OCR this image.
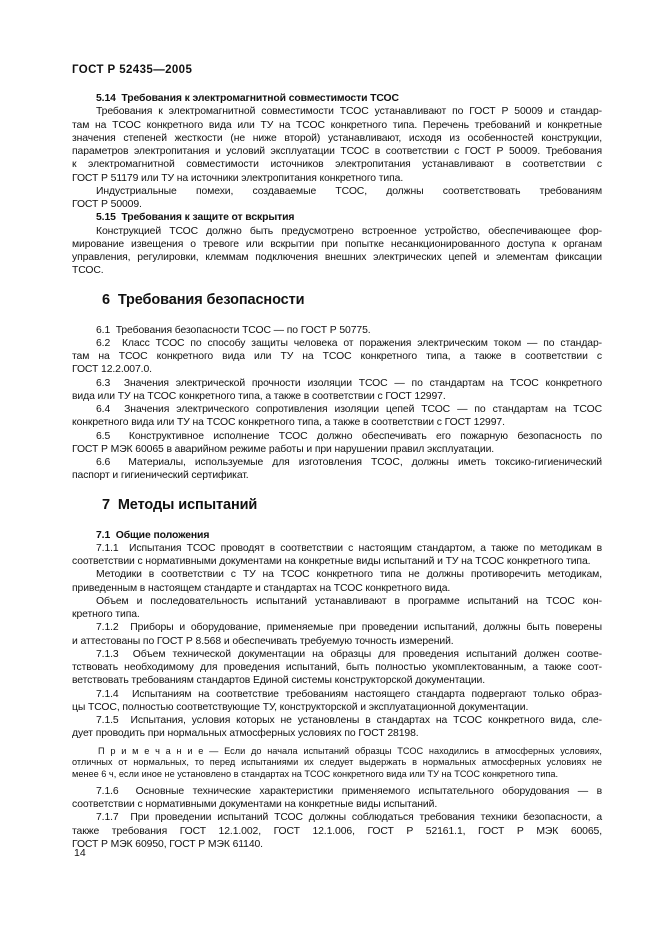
ГОСТ Р 52435—2005
5.14  Требования к электромагнитной совместимости ТСОС
Требования к электромагнитной совместимости ТСОС устанавливают по ГОСТ Р 50009 и стандар-
там на ТСОС конкретного вида или ТУ на ТСОС конкретного типа. Перечень требований и конкретные
значения степеней жесткости (не ниже второй) устанавливают, исходя из особенностей конструкции,
параметров электропитания и условий эксплуатации ТСОС в соответствии с ГОСТ Р 50009. Требования
к электромагнитной совместимости источников электропитания устанавливают в соответствии с
ГОСТ Р 51179 или ТУ на источники электропитания конкретного типа.
Индустриальные помехи, создаваемые ТСОС, должны соответствовать требованиям
ГОСТ Р 50009.
5.15  Требования к защите от вскрытия
Конструкцией ТСОС должно быть предусмотрено встроенное устройство, обеспечивающее фор-
мирование извещения о тревоге или вскрытии при попытке несанкционированного доступа к органам
управления, регулировки, клеммам подключения внешних электрических цепей и элементам фиксации
ТСОС.
6  Требования безопасности
6.1  Требования безопасности ТСОС — по ГОСТ Р 50775.
6.2  Класс ТСОС по способу защиты человека от поражения электрическим током — по стандар-
там на ТСОС конкретного вида или ТУ на ТСОС конкретного типа, а также в соответствии с
ГОСТ 12.2.007.0.
6.3  Значения электрической прочности изоляции ТСОС — по стандартам на ТСОС конкретного
вида или ТУ на ТСОС конкретного типа, а также в соответствии с ГОСТ 12997.
6.4  Значения электрического сопротивления изоляции цепей ТСОС — по стандартам на ТСОС
конкретного вида или ТУ на ТСОС конкретного типа, а также в соответствии с ГОСТ 12997.
6.5  Конструктивное исполнение ТСОС должно обеспечивать его пожарную безопасность по
ГОСТ Р МЭК 60065 в аварийном режиме работы и при нарушении правил эксплуатации.
6.6  Материалы, используемые для изготовления ТСОС, должны иметь токсико-гигиенический
паспорт и гигиенический сертификат.
7  Методы испытаний
7.1  Общие положения
7.1.1  Испытания ТСОС проводят в соответствии с настоящим стандартом, а также по методикам в
соответствии с нормативными документами на конкретные виды испытаний и ТУ на ТСОС конкретного типа.
Методики в соответствии с ТУ на ТСОС конкретного типа не должны противоречить методикам,
приведенным в настоящем стандарте и стандартах на ТСОС конкретного вида.
Объем и последовательность испытаний устанавливают в программе испытаний на ТСОС кон-
кретного типа.
7.1.2  Приборы и оборудование, применяемые при проведении испытаний, должны быть поверены
и аттестованы по ГОСТ Р 8.568 и обеспечивать требуемую точность измерений.
7.1.3  Объем технической документации на образцы для проведения испытаний должен соотве-
тствовать необходимому для проведения испытаний, быть полностью укомплектованным, а также соот-
ветствовать требованиям стандартов Единой системы конструкторской документации.
7.1.4  Испытаниям на соответствие требованиям настоящего стандарта подвергают только образ-
цы ТСОС, полностью соответствующие ТУ, конструкторской и эксплуатационной документации.
7.1.5  Испытания, условия которых не установлены в стандартах на ТСОС конкретного вида, сле-
дует проводить при нормальных атмосферных условиях по ГОСТ 28198.
П р и м е ч а н и е — Если до начала испытаний образцы ТСОС находились в атмосферных условиях,
отличных от нормальных, то перед испытаниями их следует выдержать в нормальных атмосферных условиях не
менее 6 ч, если иное не установлено в стандартах на ТСОС конкретного вида или ТУ на ТСОС конкретного типа.
7.1.6  Основные технические характеристики применяемого испытательного оборудования — в
соответствии с нормативными документами на конкретные виды испытаний.
7.1.7  При проведении испытаний ТСОС должны соблюдаться требования техники безопасности, а
также требования ГОСТ 12.1.002, ГОСТ 12.1.006, ГОСТ Р 52161.1, ГОСТ Р МЭК 60065,
ГОСТ Р МЭК 60950, ГОСТ Р МЭК 61140.
14
